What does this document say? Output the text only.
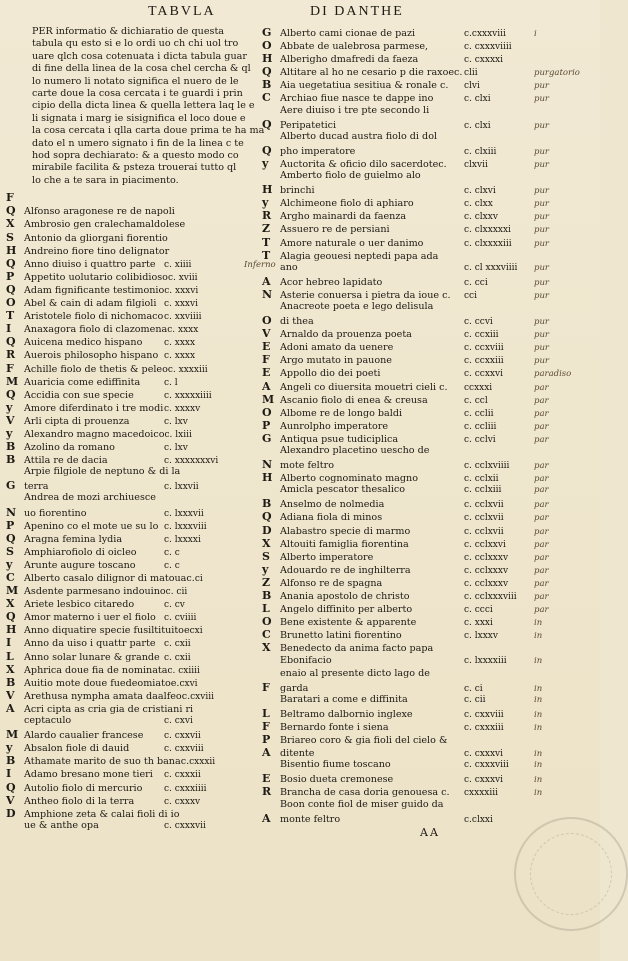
TABVLA	DI DANTHE
PER informatio & dichiaratio de questa
tabula qu esto si e lo ordi uo ch chi uol tro
uare qlch cosa cotenuata i dicta tabula guar
di fine della linea de la cosa chel cercha & ql
lo numero li notato significa el nuero de le
carte doue la cosa cercata i te guardi i prin
cipio della dicta linea & quella lettera laq le e
li signata i marg ie sisignifica el loco doue e
la cosa cercata i qlla carta doue prima te ha ma
dato el n umero signato i fin de la linea c te
hod sopra dechiarato: & a questo modo co
mirabile facilita & psteza trouerai tutto ql
lo che a te sara in piacimento.
F
Q Alfonso aragonese re de napoli
X Ambrosio gen cralechamaldolese
S	Antonio da gliorgani fiorentio
H Andreino fiore tino delignator
Q Anno diuiso i quattro parte c. xiiii	Inferno
P	Appetito uolutario colibidioso c. xviii
Q Adam fignificante testimonio c. xxxvi
O Abel & cain di adam filgioli c. xxxvi
T	Aristotele fiolo di nichomaco c. xxviiii
I	Anaxagora fiolo di clazomena c. xxxx
Q Auicena medico hispano	c. xxxx
R Auerois philosopho hispano c. xxxx
F	Achille fiolo de thetis & peleo c. xxxxiii
M Auaricia come ediffinita	c. l
Q Accidia con sue specie	c. xxxxxiiii
y	Amore diferdinato i tre modi c. xxxxv
V Arli cipta di prouenza	c. lxv
y	Alexandro magno macedoico c. lxiii
B Azolino da romano	c. lxv
B Attila re de dacia	c. xxxxxxxvi
Arpie filgiole de neptuno & di la
G terra	c. lxxvii
Andrea de mozi archiuesce
N uo fiorentino	c. lxxxvii
P	Apenino co el mote ue su lo c. lxxxviii
Q Aragna femina lydia	c. lxxxxi
S	Amphiarofiolo di oicleo	c. c
y	Arunte augure toscano	c. c
C Alberto casalo dilignor di matouac. ci
M Asdente parmesano indouino c. cii
X Ariete lesbico citaredo	c. cv
Q Amor materno i uer el fiolo c. cviiii
H Anno diquatire specie fusiltituitoe cxi
I	Anno da uiso i quattr parte c. cxii
L	Anno solar lunare & grande c. cxii
X Aphrica doue fia de nominata c. cxiiii
B Auitio mote doue fuedeomiatoe. cxvi
V Arethusa nympha amata daalfeoc. cxviii
A Acri cipta as cria gia de cristiani ri
ceptaculo	c. cxvi
M Alardo caualier francese	c. cxxvii
y	Absalon fiole di dauid	c. cxxviii
B Athamate marito de suo th banac. cxxxii
I	Adamo bresano mone tieri	c. cxxxii
Q Autolio fiolo di mercurio	c. cxxxiiii
V Antheo fiolo di la terra	c. cxxxv
D Amphione zeta & calai fioli di io
ue & anthe opa	c. cxxxvii
G Alberto cami cionae de pazi	c.cxxxviii	i
O Abbate de ualebrosa parmese,	c. cxxxviiii
H Alberigho dmafredi da faeza	c. cxxxxi
Q Altitare al ho ne cesario p die raxoec. clii	purgatorio
B Aia uegetatiua sesitiua & ronale c.	clvi	pur
C Archiao fiue nasce te dappe ino	c. clxi	pur
Aere diuiso i tre pte secondo li
Q Peripatetici	c. clxi	pur
Alberto ducad austra fiolo di dol
Q pho imperatore	c. clxiii	pur
y	Auctorita & oficio dilo sacerdotec.	clxvii	pur
Amberto fiolo de guielmo alo
H brinchi	c. clxvi	pur
y	Alchimeone fiolo di aphiaro	c. clxx	pur
R Argho mainardi da faenza	c. clxxv	pur
Z	Assuero re de persiani	c. clxxxxxi	pur
T	Amore naturale o uer danimo	c. clxxxxiii	pur
T	Alagia geouesi neptedi papa ada
ano	c. cl xxxviiii	pur
A Acor hebreo lapidato	c. cci	pur
N Asterie conuersa i pietra da ioue c.	cci	pur
Anacreote poeta e lego delisula
O di thea	c. ccvi	pur
V Arnaldo da prouenza poeta	c. ccxiii	pur
E	Adoni amato da uenere	c. ccxviii	pur
F	Argo mutato in pauone	c. ccxxiii	pur
E	Appollo dio dei poeti	c. ccxxvi	paradiso
A Angeli co diuersita mouetri cieli c.	ccxxxi	par
M Ascanio fiolo di enea & creusa	c. ccl	par
O Albome re de longo baldi	c. cclii	par
P	Aunrolpho imperatore	c. ccliii	par
G Antiqua psue tudiciplica	c. cclvi	par
Alexandro placetino uescho de
N mote feltro	c. cclxviiii	par
H Alberto cognominato magno	c. cclxii	par
Amicla pescator thesalico	c. cclxiii	par
B Anselmo de nolmedia	c. cclxvii	par
Q Adiana fiola di minos	c. cclxvii	par
D Alabastro specie di marmo	c. cclxvii	par
X Altouiti famiglia fiorentina	c. cclxxvi	par
S	Alberto imperatore	c. cclxxxv	par
y	Adouardo re de inghilterra	c. cclxxxv	par
Z	Alfonso re de spagna	c. cclxxxv	par
B Anania apostolo de christo	c. cclxxxviii	par
L	Angelo diffinito per alberto	c. ccci	par
O Bene existente & apparente	c. xxxi	in
C Brunetto latini fiorentino	c. lxxxv	in
X Benedecto da anima facto papa
Ebonifacio	c. lxxxxiii	in
enaio al presente dicto lago de
F	garda	c. ci	in
Baratari a come e diffinita	c. cii	in
L	Beltramo dalbornio inglexe	c. cxxviii	in
F	Bernardo fonte i siena	c. cxxxiii	in
P	Briareo coro & gia fioli del cielo &
A ditente	c. cxxxvi	in
Bisentio fiume toscano	c. cxxxviii	in
E	Bosio dueta cremonese	c. cxxxvi	in
R Brancha de casa doria genouesa c.	cxxxxiii	in
Boon conte fiol de miser guido da
A monte feltro	c.clxxi
AA
